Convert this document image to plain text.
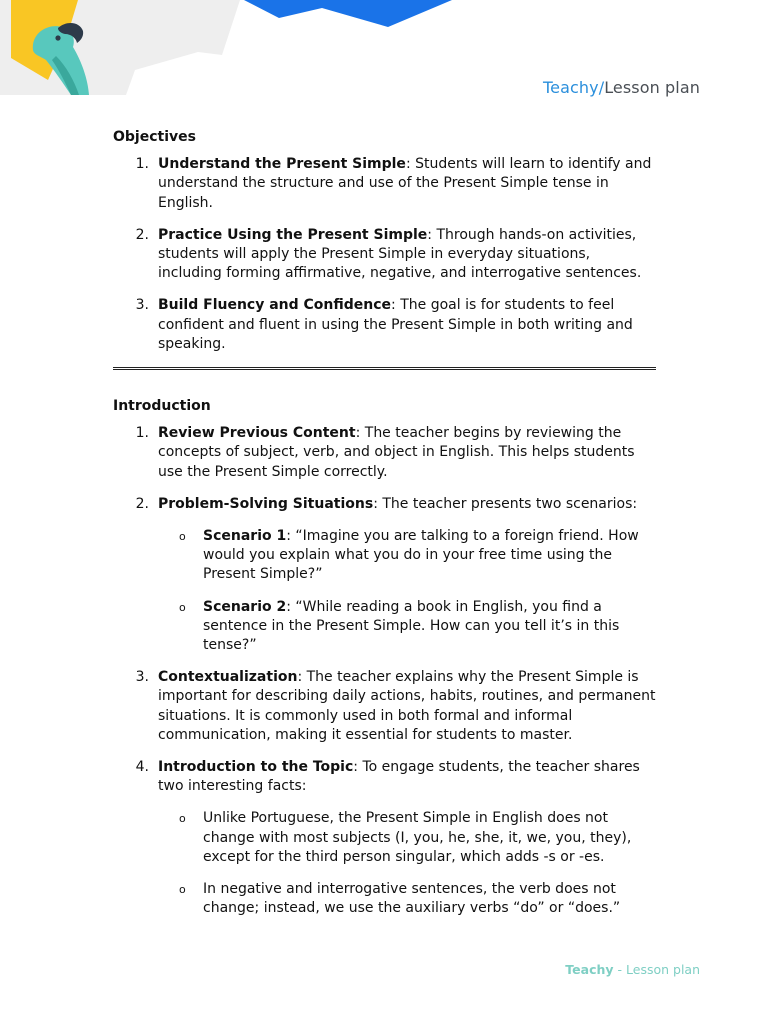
Teachy/Lesson plan
Objectives
1. Understand the Present Simple: Students will learn to identify and understand the structure and use of the Present Simple tense in English.
2. Practice Using the Present Simple: Through hands-on activities, students will apply the Present Simple in everyday situations, including forming affirmative, negative, and interrogative sentences.
3. Build Fluency and Confidence: The goal is for students to feel confident and fluent in using the Present Simple in both writing and speaking.
Introduction
1. Review Previous Content: The teacher begins by reviewing the concepts of subject, verb, and object in English. This helps students use the Present Simple correctly.
2. Problem-Solving Situations: The teacher presents two scenarios:
o Scenario 1: “Imagine you are talking to a foreign friend. How would you explain what you do in your free time using the Present Simple?”
o Scenario 2: “While reading a book in English, you find a sentence in the Present Simple. How can you tell it’s in this tense?”
3. Contextualization: The teacher explains why the Present Simple is important for describing daily actions, habits, routines, and permanent situations. It is commonly used in both formal and informal communication, making it essential for students to master.
4. Introduction to the Topic: To engage students, the teacher shares two interesting facts:
o Unlike Portuguese, the Present Simple in English does not change with most subjects (I, you, he, she, it, we, you, they), except for the third person singular, which adds -s or -es.
o In negative and interrogative sentences, the verb does not change; instead, we use the auxiliary verbs “do” or “does.”
Teachy - Lesson plan
